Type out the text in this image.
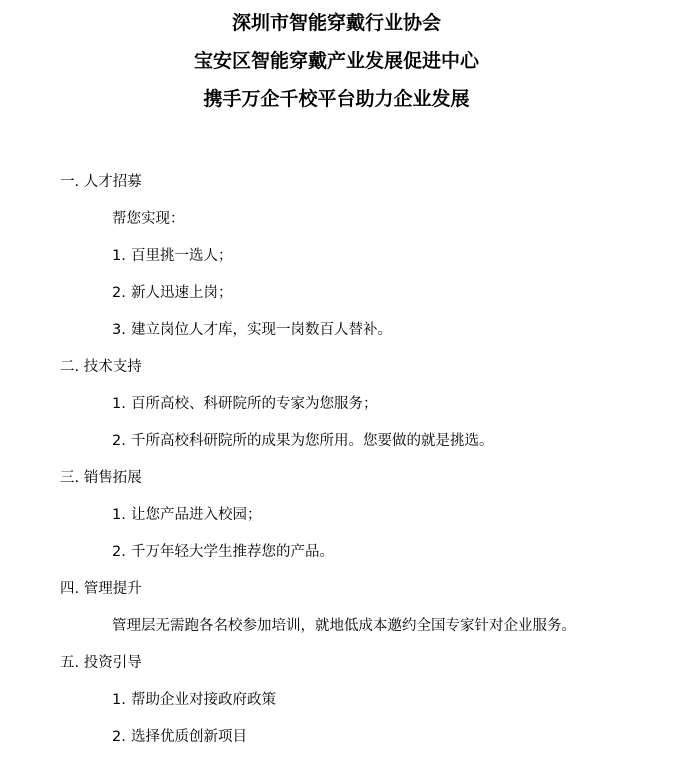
深圳市智能穿戴行业协会
宝安区智能穿戴产业发展促进中心
携手万企千校平台助力企业发展
一. 人才招募
帮您实现：
1. 百里挑一选人；
2. 新人迅速上岗；
3. 建立岗位人才库，实现一岗数百人替补。
二. 技术支持
1. 百所高校、科研院所的专家为您服务；
2. 千所高校科研院所的成果为您所用。您要做的就是挑选。
三. 销售拓展
1. 让您产品进入校园；
2. 千万年轻大学生推荐您的产品。
四. 管理提升
管理层无需跑各名校参加培训，就地低成本邀约全国专家针对企业服务。
五. 投资引导
1. 帮助企业对接政府政策
2. 选择优质创新项目
